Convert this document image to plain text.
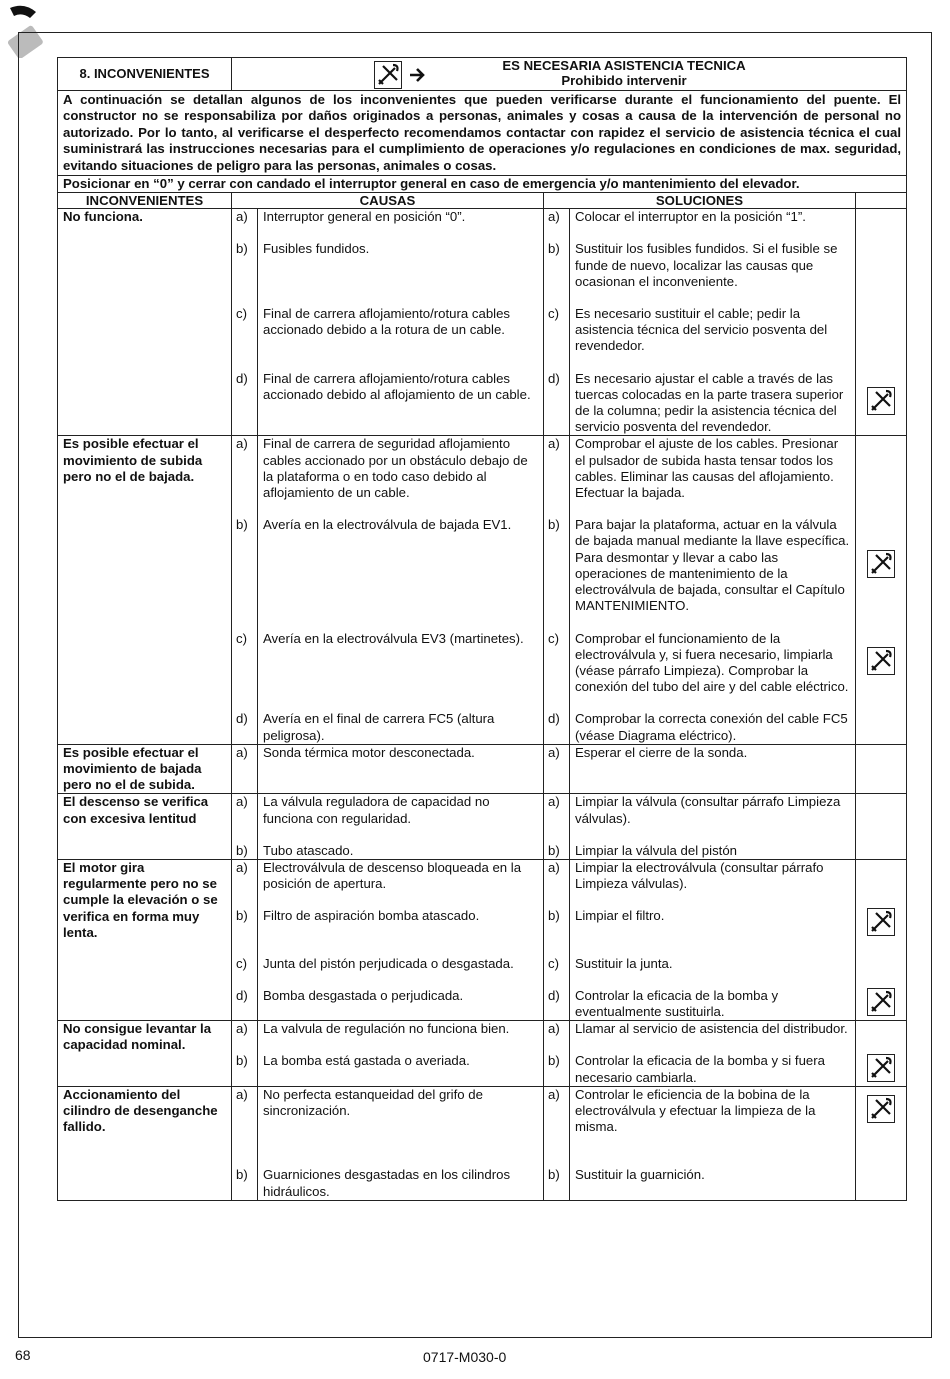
8. INCONVENIENTES	ES NECESARIA ASISTENCIA TECNICA
Prohibido intervenir				

A continuación se detallan algunos de los inconvenientes que pueden verificarse durante el funcionamiento del puente. El constructor no se responsabiliza por daños originados a personas, animales y cosas a causa de la intervención de personal no autorizado. Por lo tanto, al verificarse el desperfecto recomendamos contactar con rapidez el servicio de asistencia técnica el cual suministrará las instrucciones necesarias para el cumplimiento de operaciones y/o regulaciones en condiciones de max. seguridad, evitando situaciones de peligro para las personas, animales o cosas.					
Posicionar en “0” y cerrar con candado el interruptor general en caso de emergencia y/o mantenimiento del elevador.					
INCONVENIENTES	CAUSAS		SOLUCIONES		
No funciona.	a)	Interruptor general en posición “0”.	a)	Colocar el interruptor en la posición “1”.	
	b)	Fusibles fundidos.	b)	Sustituir los fusibles fundidos. Si el fusible se funde de nuevo, localizar las causas que ocasionan el inconveniente.	
	c)	Final de carrera aflojamiento/rotura cables accionado debido a la rotura de un cable.	c)	Es necesario sustituir el cable; pedir la asistencia técnica del servicio posventa del revendedor.	
	d)	Final de carrera aflojamiento/rotura cables accionado debido al aflojamiento de un cable.	d)	Es necesario ajustar el cable a través de las tuercas colocadas en la parte trasera superior de la columna; pedir la asistencia técnica del servicio posventa del revendedor.	
Es posible efectuar el movimiento de subida pero no el de bajada.	a)	Final de carrera de seguridad aflojamiento cables accionado por un obstáculo debajo de la plataforma o en todo caso debido al aflojamiento de un cable.	a)	Comprobar el ajuste de los cables. Presionar el pulsador de subida hasta tensar todos los cables. Eliminar las causas del aflojamiento. Efectuar la bajada.	
	b)	Avería en la electroválvula de bajada EV1.	b)	Para bajar la plataforma, actuar en la válvula de bajada manual mediante la llave específica. Para desmontar y llevar a cabo las operaciones de mantenimiento de la electroválvula de bajada, consultar el Capítulo MANTENIMIENTO.	
	c)	Avería en la electroválvula EV3 (martinetes).	c)	Comprobar el funcionamiento de la electroválvula y, si fuera necesario, limpiarla (véase párrafo Limpieza). Comprobar la conexión del tubo del aire y del cable eléctrico.	
	d)	Avería en el final de carrera FC5 (altura peligrosa).	d)	Comprobar la correcta conexión del cable FC5 (véase Diagrama eléctrico).	
Es posible efectuar el movimiento de bajada pero no el de subida.	a)	Sonda térmica motor desconectada.	a)	Esperar el cierre de la sonda.	
El descenso se verifica con excesiva lentitud	a)	La válvula reguladora de capacidad no funciona con regularidad.	a)	Limpiar la válvula (consultar párrafo Limpieza válvulas).	
	b)	Tubo atascado.	b)	Limpiar la válvula del pistón	
El motor gira regularmente pero no se cumple la elevación o se verifica en forma muy lenta.	a)	Electroválvula de descenso bloqueada en la posición de apertura.	a)	Limpiar la electroválvula (consultar párrafo Limpieza válvulas).	
	b)	Filtro de aspiración bomba atascado.	b)	Limpiar el filtro.	
	c)	Junta del pistón perjudicada o desgastada.	c)	Sustituir la junta.	
	d)	Bomba desgastada o perjudicada.	d)	Controlar la eficacia de la bomba y eventualmente sustituirla.	
No consigue levantar la capacidad nominal.	a)	La valvula de regulación no funciona bien.	a)	Llamar al servicio de asistencia del distribudor.	
	b)	La bomba está gastada o averiada.	b)	Controlar la eficacia de la bomba y si fuera necesario cambiarla.	
Accionamiento del cilindro de desenganche fallido.	a)	No perfecta estanqueidad del grifo de sincronización.	a)	Controlar le eficiencia de la bobina de la electroválvula y efectuar la limpieza de la misma.	
	b)	Guarniciones desgastadas en los cilindros hidráulicos.	b)	Sustituir la guarnición.	
68	0717-M030-0
